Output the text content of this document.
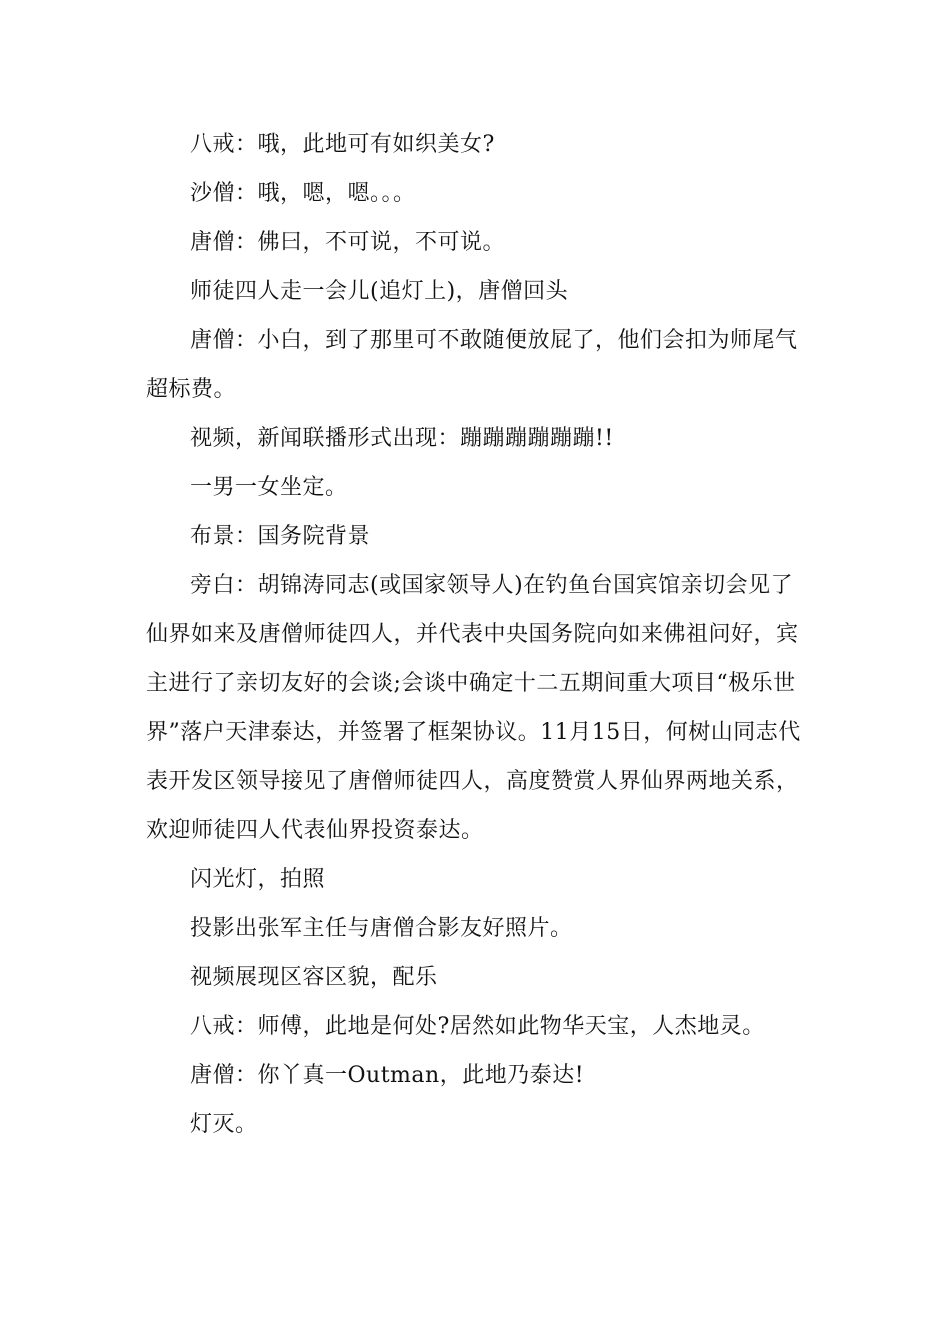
八戒：哦，此地可有如织美女?

沙僧：哦，嗯，嗯。。。

唐僧：佛曰，不可说，不可说。

师徒四人走一会儿(追灯上)，唐僧回头

唐僧：小白，到了那里可不敢随便放屁了，他们会扣为师尾气超标费。

视频，新闻联播形式出现：蹦蹦蹦蹦蹦蹦!!

一男一女坐定。

布景：国务院背景

旁白：胡锦涛同志(或国家领导人)在钓鱼台国宾馆亲切会见了仙界如来及唐僧师徒四人，并代表中央国务院向如来佛祖问好，宾主进行了亲切友好的会谈;会谈中确定十二五期间重大项目“极乐世界”落户天津泰达，并签署了框架协议。11月15日，何树山同志代表开发区领导接见了唐僧师徒四人，高度赞赏人界仙界两地关系，欢迎师徒四人代表仙界投资泰达。

闪光灯，拍照

投影出张军主任与唐僧合影友好照片。

视频展现区容区貌，配乐

八戒：师傅，此地是何处?居然如此物华天宝，人杰地灵。

唐僧：你丫真一Outman，此地乃泰达!

灯灭。
